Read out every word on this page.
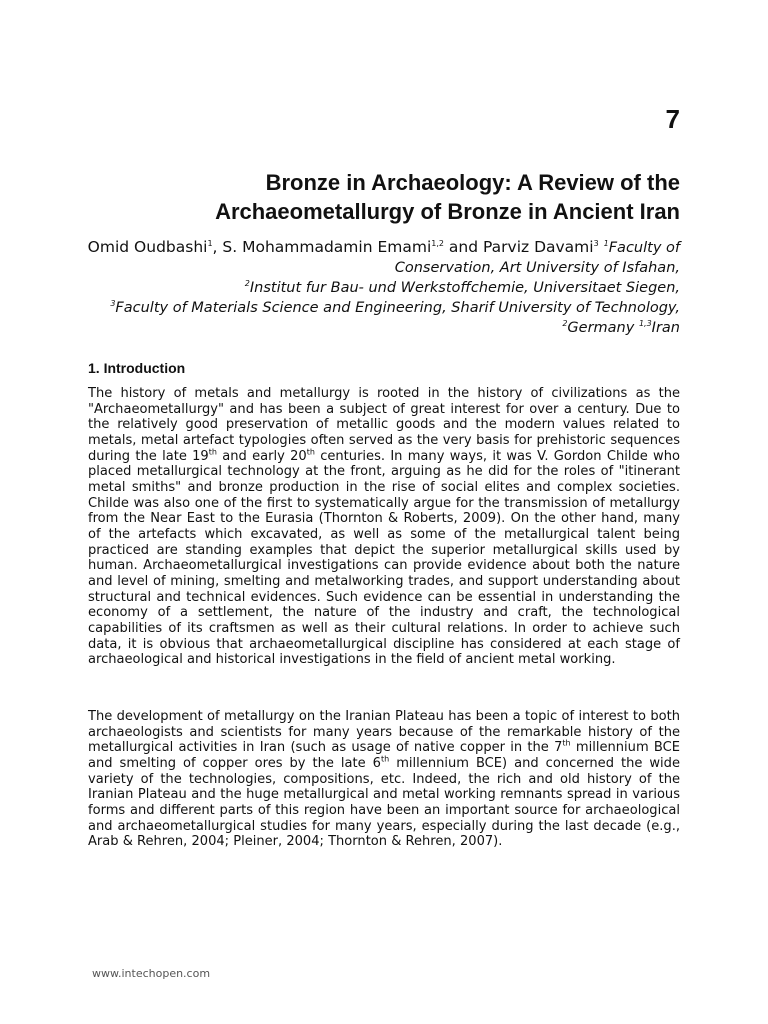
7
Bronze in Archaeology: A Review of the
Archaeometallurgy of Bronze in Ancient Iran
Omid Oudbashi$^1$, S. Mohammadamin Emami$^{1,2}$ and Parviz Davami$^3$ $^1$Faculty of Conservation, Art University of Isfahan,
$^2$Institut fur Bau- und Werkstoffchemie, Universitaet Siegen,
$^3$Faculty of Materials Science and Engineering, Sharif University of Technology, $^2$Germany $^{1,3}$Iran
1. Introduction
The history of metals and metallurgy is rooted in the history of civilizations as the "Archaeometallurgy" and has been a subject of great interest for over a century. Due to the relatively good preservation of metallic goods and the modern values related to metals, metal artefact typologies often served as the very basis for prehistoric sequences during the late 19th and early 20th centuries. In many ways, it was V. Gordon Childe who placed metallurgical technology at the front, arguing as he did for the roles of "itinerant metal smiths" and bronze production in the rise of social elites and complex societies. Childe was also one of the first to systematically argue for the transmission of metallurgy from the Near East to the Eurasia (Thornton & Roberts, 2009). On the other hand, many of the artefacts which excavated, as well as some of the metallurgical talent being practiced are standing examples that depict the superior metallurgical skills used by human. Archaeometallurgical investigations can provide evidence about both the nature and level of mining, smelting and metalworking trades, and support understanding about structural and technical evidences. Such evidence can be essential in understanding the economy of a settlement, the nature of the industry and craft, the technological capabilities of its craftsmen as well as their cultural relations. In order to achieve such data, it is obvious that archaeometallurgical discipline has considered at each stage of archaeological and historical investigations in the field of ancient metal working.
The development of metallurgy on the Iranian Plateau has been a topic of interest to both archaeologists and scientists for many years because of the remarkable history of the metallurgical activities in Iran (such as usage of native copper in the 7th millennium BCE and smelting of copper ores by the late 6th millennium BCE) and concerned the wide variety of the technologies, compositions, etc. Indeed, the rich and old history of the Iranian Plateau and the huge metallurgical and metal working remnants spread in various forms and different parts of this region have been an important source for archaeological and archaeometallurgical studies for many years, especially during the last decade (e.g., Arab & Rehren, 2004; Pleiner, 2004; Thornton & Rehren, 2007).
www.intechopen.com
